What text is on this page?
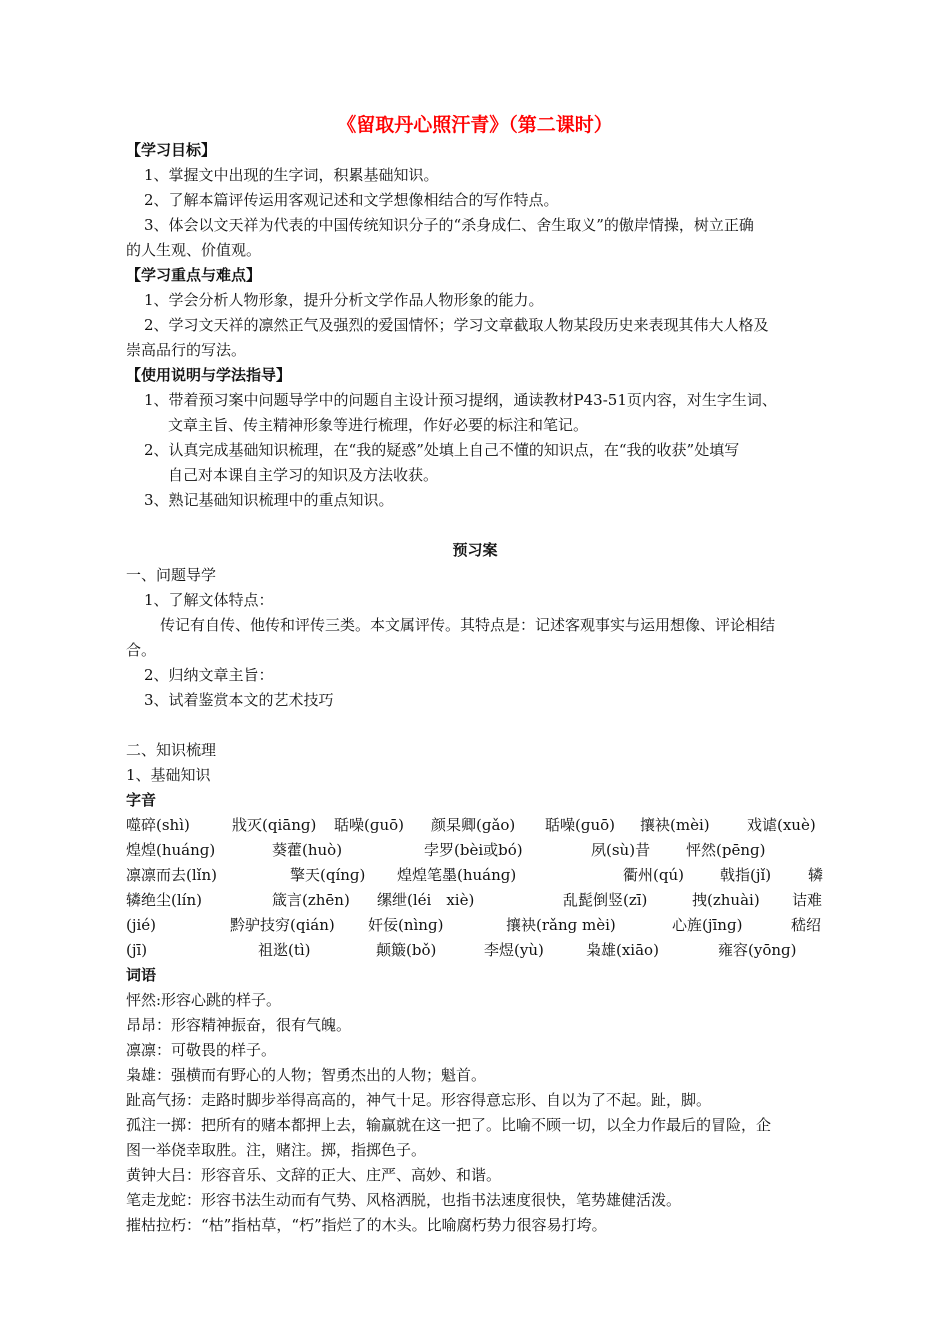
《留取丹心照汗青》（第二课时）
【学习目标】
1、掌握文中出现的生字词，积累基础知识。
2、了解本篇评传运用客观记述和文学想像相结合的写作特点。
3、体会以文天祥为代表的中国传统知识分子的“杀身成仁、舍生取义”的傲岸情操，树立正确
的人生观、价值观。
【学习重点与难点】
1、学会分析人物形象，提升分析文学作品人物形象的能力。
2、学习文天祥的凛然正气及强烈的爱国情怀；学习文章截取人物某段历史来表现其伟大人格及
崇高品行的写法。
【使用说明与学法指导】
1、带着预习案中问题导学中的问题自主设计预习提纲，通读教材P43-51页内容，对生字生词、
文章主旨、传主精神形象等进行梳理，作好必要的标注和笔记。
2、认真完成基础知识梳理，在“我的疑惑”处填上自己不懂的知识点，在“我的收获”处填写
自己对本课自主学习的知识及方法收获。
3、熟记基础知识梳理中的重点知识。
预习案
一、问题导学
1、了解文体特点：
传记有自传、他传和评传三类。本文属评传。其特点是：记述客观事实与运用想像、评论相结
合。
2、归纳文章主旨：
3、试着鉴赏本文的艺术技巧
二、知识梳理
1、基础知识
字音
噬碎(shì)	戕灭(qiānɡ) 聒噪(ɡuō) 颜杲卿(ɡǎo) 聒噪(ɡuō) 攘袂(mèi) 戏谑(xuè)
煌煌(huánɡ)	葵藿(huò)	孛罗(bèi或bó)	夙(sù)昔 怦然(pēnɡ)
凛凛而去(lǐn)	擎天(qínɡ) 煌煌笔墨(huánɡ)	衢州(qú) 戟指(jǐ) 辚
辚绝尘(lín)	箴言(zhēn) 缧绁(léi　xiè)	乱髭倒竖(zī)	拽(zhuài) 诘难
(jié)	黔驴技穷(qián) 奸佞(nìnɡ)	攘袂(rǎnɡ mèi)	心旌(jīnɡ)	嵇绍
(jī)	祖逖(tì)	颠簸(bǒ)	李煜(yù)	枭雄(xiāo)	雍容(yōnɡ)
词语
怦然:形容心跳的样子。
昂昂：形容精神振奋，很有气魄。
凛凛：可敬畏的样子。
枭雄：强横而有野心的人物；智勇杰出的人物；魁首。
趾高气扬：走路时脚步举得高高的，神气十足。形容得意忘形、自以为了不起。趾，脚。
孤注一掷：把所有的赌本都押上去，输赢就在这一把了。比喻不顾一切，以全力作最后的冒险，企
图一举侥幸取胜。注，赌注。掷，指掷色子。
黄钟大吕：形容音乐、文辞的正大、庄严、高妙、和谐。
笔走龙蛇：形容书法生动而有气势、风格洒脱，也指书法速度很快，笔势雄健活泼。
摧枯拉朽：“枯”指枯草，“朽”指烂了的木头。比喻腐朽势力很容易打垮。
